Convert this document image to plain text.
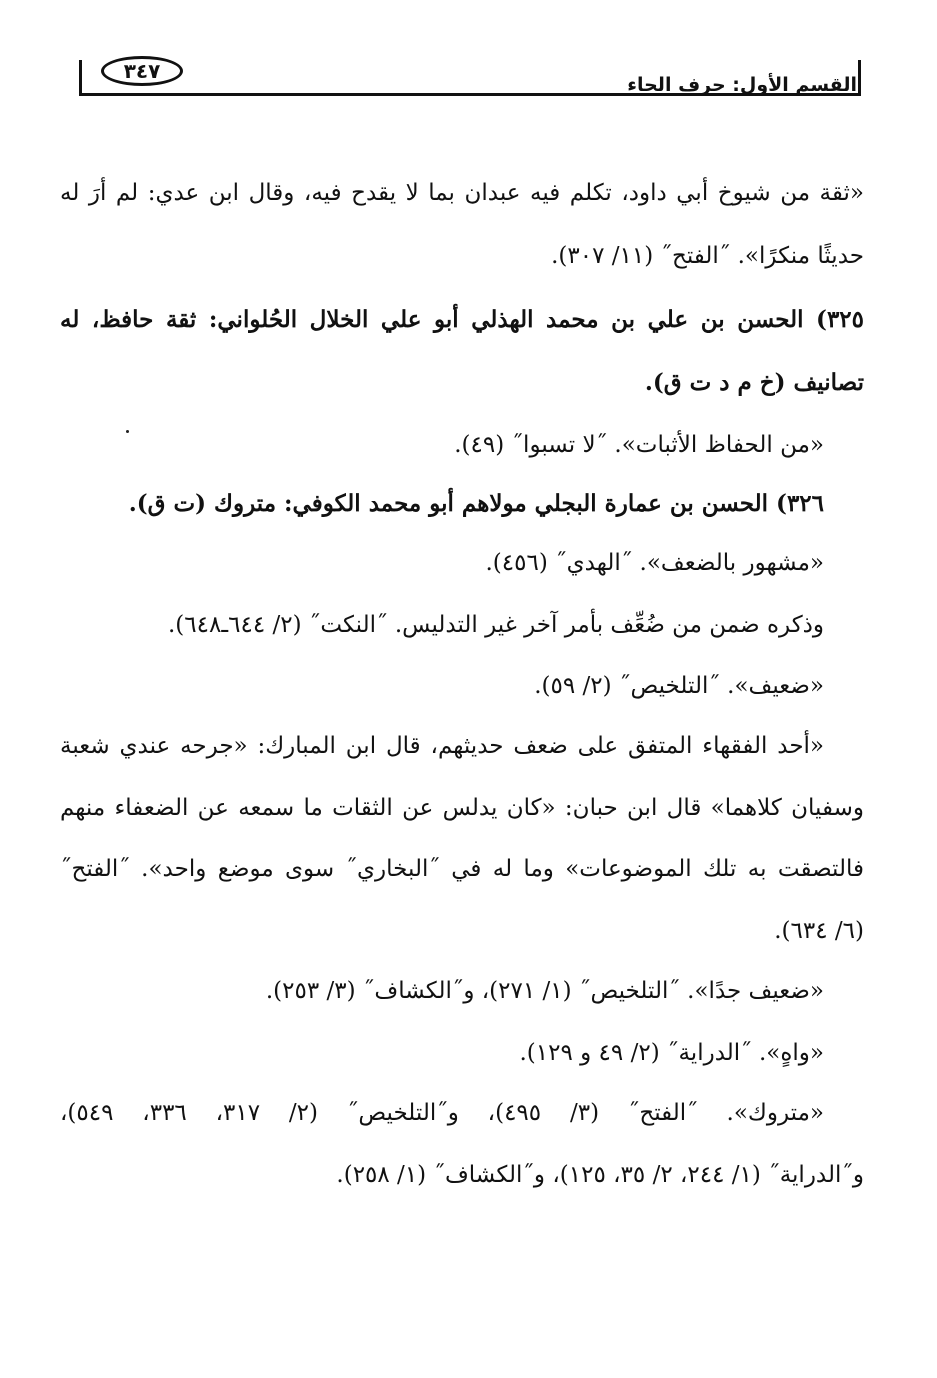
القسم الأول: حرف الحاء
٣٤٧
«ثقة من شيوخ أبي داود، تكلم فيه عبدان بما لا يقدح فيه، وقال ابن عدي: لم أرَ له
حديثًا منكرًا». ˝الفتح˝ (١١/ ٣٠٧).
٣٢٥) الحسن بن علي بن محمد الهذلي أبو علي الخلال الحُلواني: ثقة حافظ، له
تصانيف (خ م د ت ق).
«من الحفاظ الأثبات». ˝لا تسبوا˝ (٤٩).
٣٢٦) الحسن بن عمارة البجلي مولاهم أبو محمد الكوفي: متروك (ت ق).
«مشهور بالضعف». ˝الهدي˝ (٤٥٦).
وذكره ضمن من ضُعِّف بأمر آخر غير التدليس. ˝النكت˝ (٢/ ٦٤٤ـ٦٤٨).
«ضعيف». ˝التلخيص˝ (٢/ ٥٩).
«أحد الفقهاء المتفق على ضعف حديثهم، قال ابن المبارك: «جرحه عندي شعبة
وسفيان كلاهما» قال ابن حبان: «كان يدلس عن الثقات ما سمعه عن الضعفاء منهم
فالتصقت به تلك الموضوعات» وما له في ˝البخاري˝ سوى موضع واحد». ˝الفتح˝
(٦/ ٦٣٤).
«ضعيف جدًا». ˝التلخيص˝ (١/ ٢٧١)، و˝الكشاف˝ (٣/ ٢٥٣).
«واهٍ». ˝الدراية˝ (٢/ ٤٩ و ١٢٩).
«متروك». ˝الفتح˝ (٣/ ٤٩٥)، و˝التلخيص˝ (٢/ ٣١٧، ٣٣٦، ٥٤٩)،
و˝الدراية˝ (١/ ٢٤٤، ٢/ ٣٥، ١٢٥)، و˝الكشاف˝ (١/ ٢٥٨).
